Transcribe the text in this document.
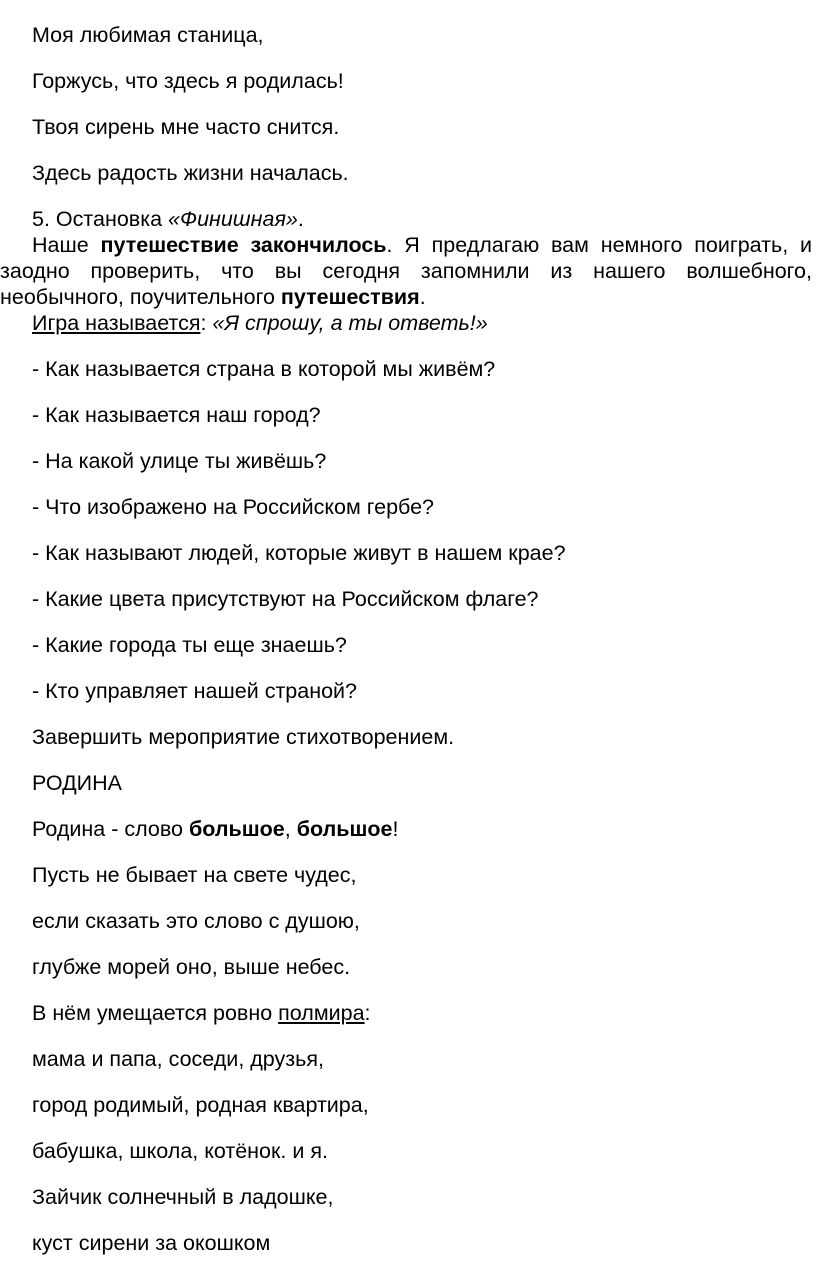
Моя любимая станица,
Горжусь, что здесь я родилась!
Твоя сирень мне часто снится.
Здесь радость жизни началась.
5. Остановка «Финишная».
Наше путешествие закончилось. Я предлагаю вам немного поиграть, и заодно проверить, что вы сегодня запомнили из нашего волшебного, необычного, поучительного путешествия.
Игра называется: «Я спрошу, а ты ответь!»
- Как называется страна в которой мы живём?
- Как называется наш город?
- На какой улице ты живёшь?
- Что изображено на Российском гербе?
- Как называют людей, которые живут в нашем крае?
- Какие цвета присутствуют на Российском флаге?
- Какие города ты еще знаешь?
- Кто управляет нашей страной?
Завершить мероприятие стихотворением.
РОДИНА
Родина - слово большое, большое!
Пусть не бывает на свете чудес,
если сказать это слово с душою,
глубже морей оно, выше небес.
В нём умещается ровно полмира:
мама и папа, соседи, друзья,
город родимый, родная квартира,
бабушка, школа, котёнок. и я.
Зайчик солнечный в ладошке,
куст сирени за окошком
